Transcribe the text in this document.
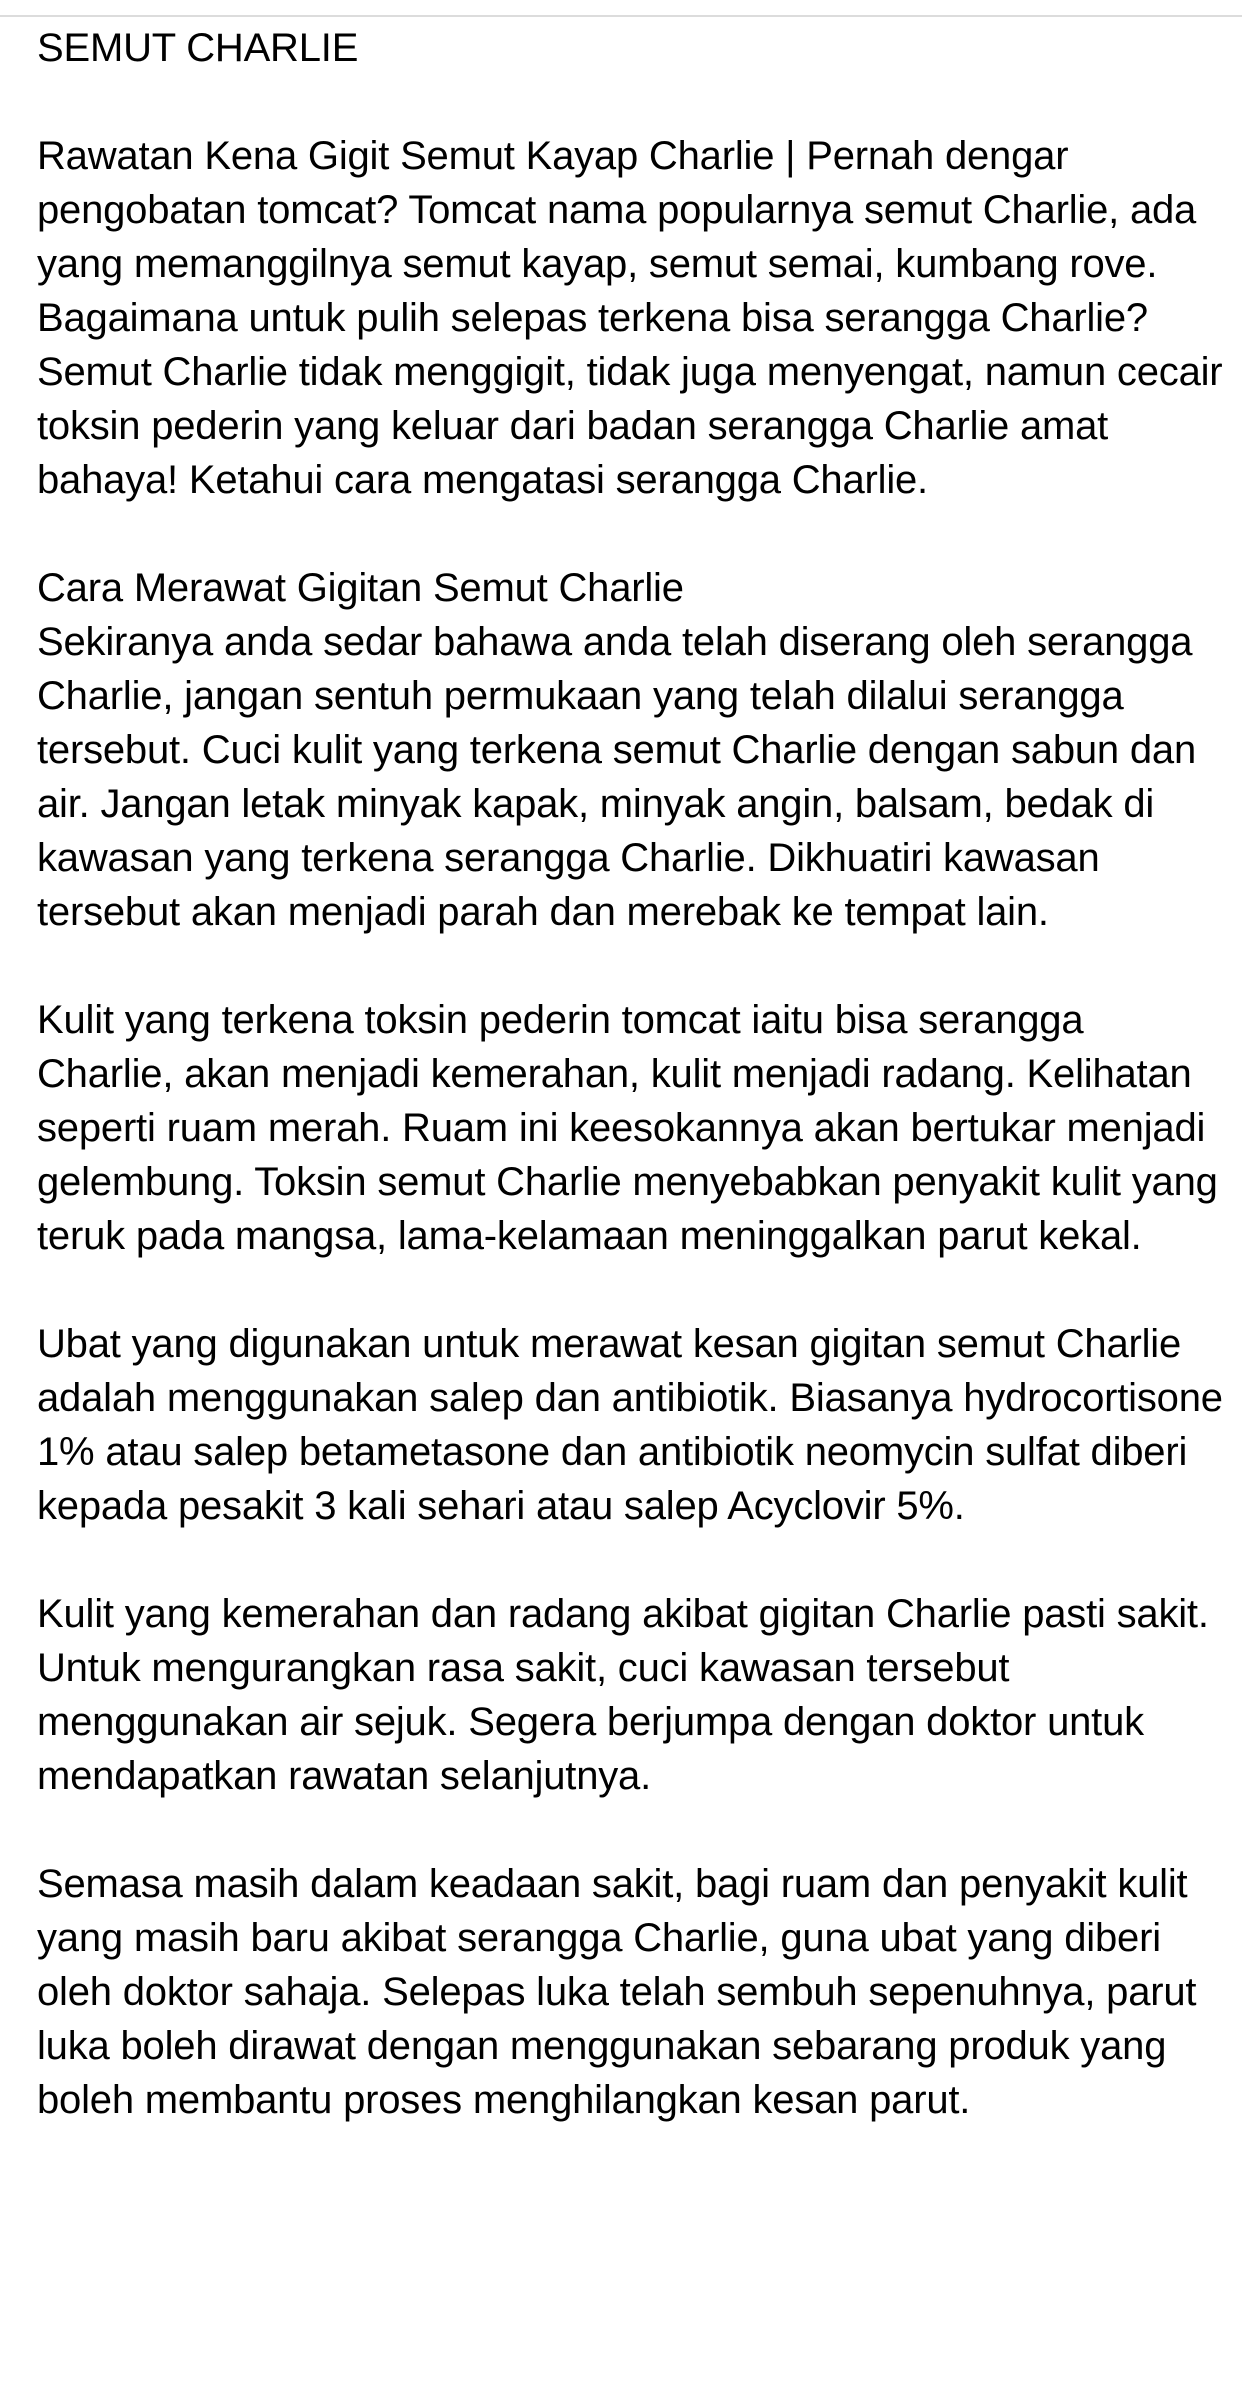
SEMUT CHARLIE

Rawatan Kena Gigit Semut Kayap Charlie | Pernah dengar pengobatan tomcat? Tomcat nama popularnya semut Charlie, ada yang memanggilnya semut kayap, semut semai, kumbang rove. Bagaimana untuk pulih selepas terkena bisa serangga Charlie? Semut Charlie tidak menggigit, tidak juga menyengat, namun cecair toksin pederin yang keluar dari badan serangga Charlie amat bahaya! Ketahui cara mengatasi serangga Charlie.

Cara Merawat Gigitan Semut Charlie

Sekiranya anda sedar bahawa anda telah diserang oleh serangga Charlie, jangan sentuh permukaan yang telah dilalui serangga tersebut. Cuci kulit yang terkena semut Charlie dengan sabun dan air. Jangan letak minyak kapak, minyak angin, balsam, bedak di kawasan yang terkena serangga Charlie. Dikhuatiri kawasan tersebut akan menjadi parah dan merebak ke tempat lain.

Kulit yang terkena toksin pederin tomcat iaitu bisa serangga Charlie, akan menjadi kemerahan, kulit menjadi radang. Kelihatan seperti ruam merah. Ruam ini keesokannya akan bertukar menjadi gelembung. Toksin semut Charlie menyebabkan penyakit kulit yang teruk pada mangsa, lama-kelamaan meninggalkan parut kekal.

Ubat yang digunakan untuk merawat kesan gigitan semut Charlie adalah menggunakan salep dan antibiotik. Biasanya hydrocortisone 1% atau salep betametasone dan antibiotik neomycin sulfat diberi kepada pesakit 3 kali sehari atau salep Acyclovir 5%.

Kulit yang kemerahan dan radang akibat gigitan Charlie pasti sakit. Untuk mengurangkan rasa sakit, cuci kawasan tersebut menggunakan air sejuk. Segera berjumpa dengan doktor untuk mendapatkan rawatan selanjutnya.

Semasa masih dalam keadaan sakit, bagi ruam dan penyakit kulit yang masih baru akibat serangga Charlie, guna ubat yang diberi oleh doktor sahaja. Selepas luka telah sembuh sepenuhnya, parut luka boleh dirawat dengan menggunakan sebarang produk yang boleh membantu proses menghilangkan kesan parut.
